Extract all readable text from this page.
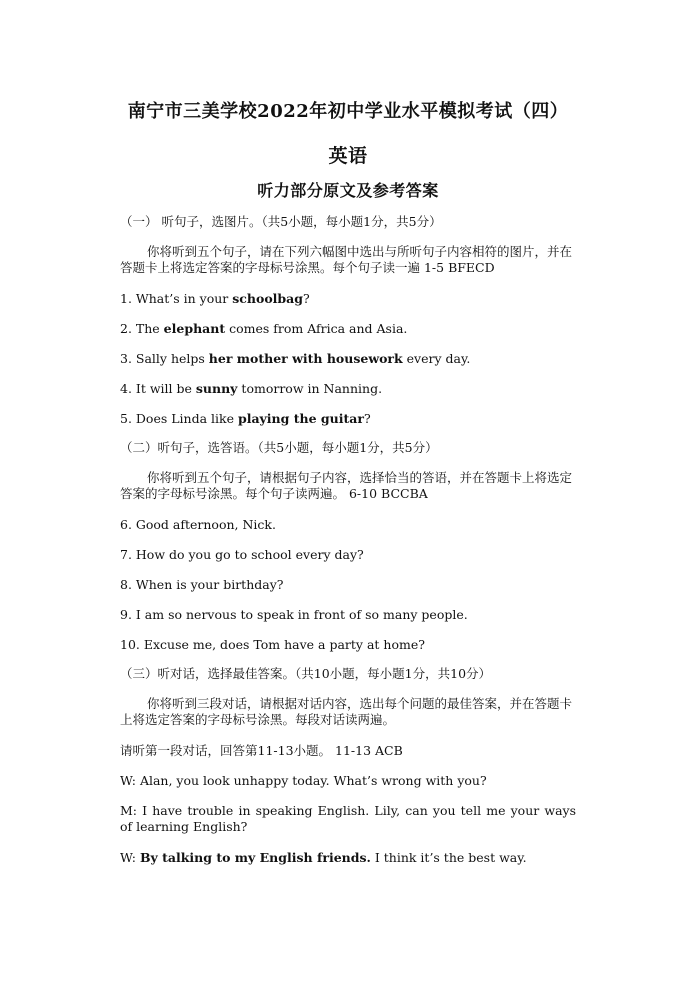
南宁市三美学校2022年初中学业水平模拟考试（四）
英语
听力部分原文及参考答案
（一） 听句子，选图片。（共5小题，每小题1分，共5分）
你将听到五个句子，请在下列六幅图中选出与所听句子内容相符的图片，并在答题卡上将选定答案的字母标号涂黑。每个句子读一遍 1-5 BFECD
1. What’s in your schoolbag?
2. The elephant comes from Africa and Asia.
3. Sally helps her mother with housework every day.
4. It will be sunny tomorrow in Nanning.
5. Does Linda like playing the guitar?
（二）听句子，选答语。（共5小题，每小题1分，共5分）
你将听到五个句子，请根据句子内容，选择恰当的答语，并在答题卡上将选定答案的字母标号涂黑。每个句子读两遍。 6-10 BCCBA
6. Good afternoon, Nick.
7. How do you go to school every day?
8. When is your birthday?
9. I am so nervous to speak in front of so many people.
10. Excuse me, does Tom have a party at home?
（三）听对话，选择最佳答案。（共10小题，每小题1分，共10分）
你将听到三段对话，请根据对话内容，选出每个问题的最佳答案，并在答题卡上将选定答案的字母标号涂黑。每段对话读两遍。
请听第一段对话，回答第11-13小题。 11-13 ACB
W: Alan, you look unhappy today. What’s wrong with you?
M: I have trouble in speaking English. Lily, can you tell me your ways of learning English?
W: By talking to my English friends. I think it’s the best way.
